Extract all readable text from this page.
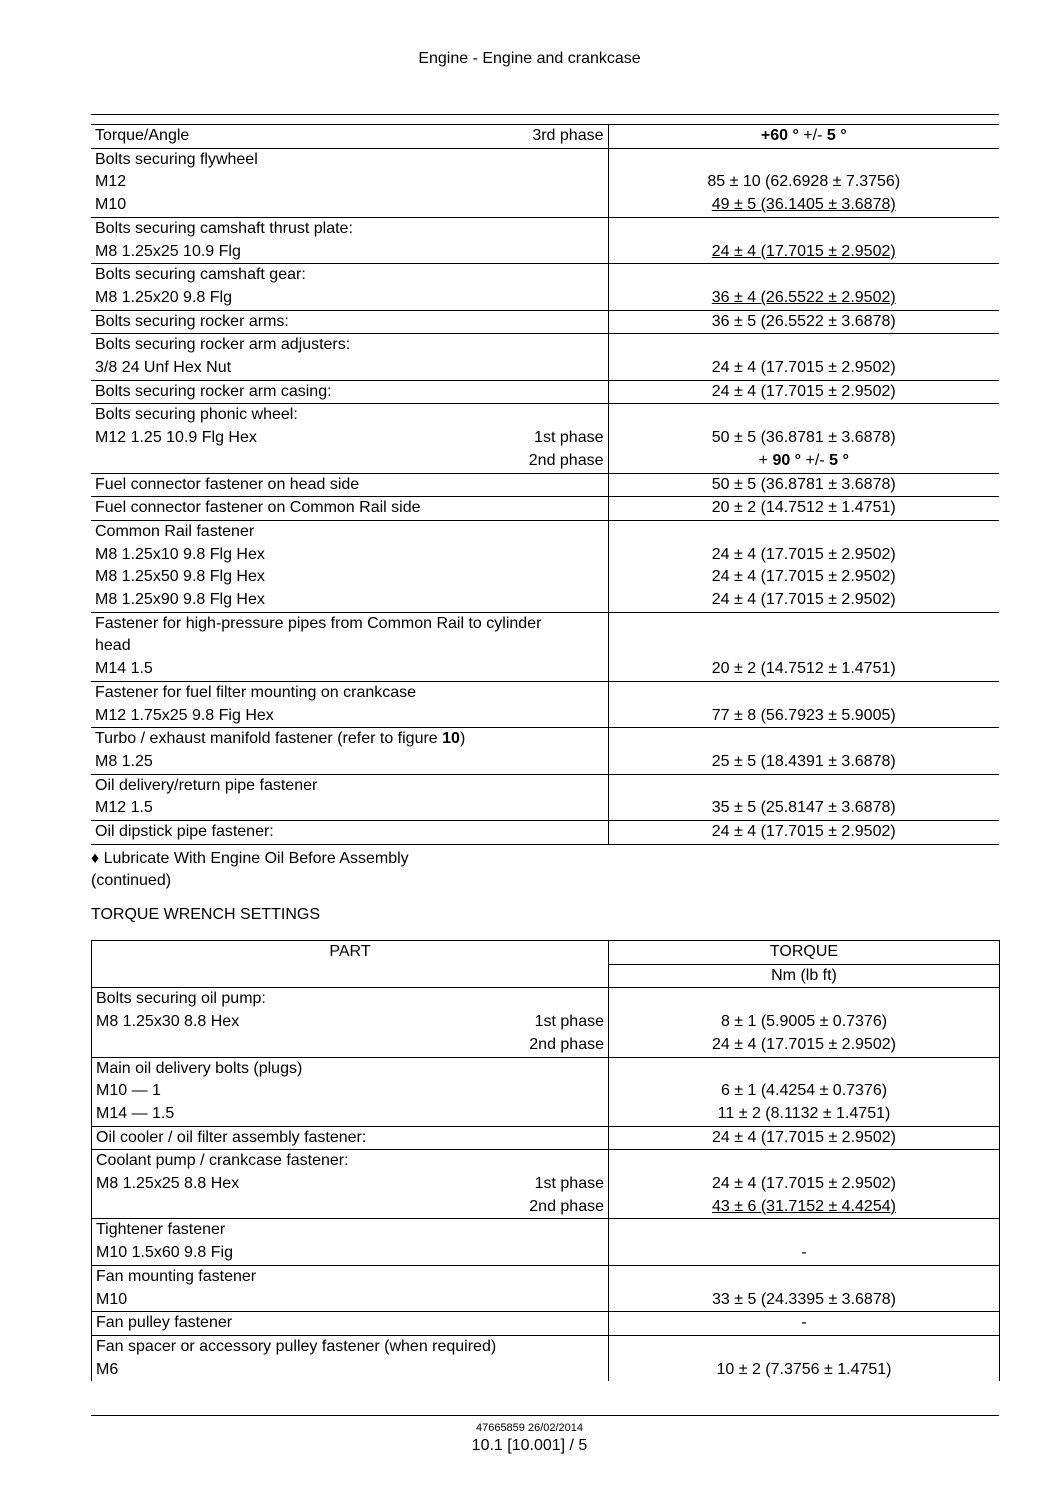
Engine - Engine and crankcase
Torque/Angle 3rd phase	+60 ° +/- 5 °
Bolts securing flywheel	
M12	85 ± 10 (62.6928 ± 7.3756)
M10	49 ± 5 (36.1405 ± 3.6878)
Bolts securing camshaft thrust plate:	
M8 1.25x25 10.9 Flg	24 ± 4 (17.7015 ± 2.9502)
Bolts securing camshaft gear:	
M8 1.25x20 9.8 Flg	36 ± 4 (26.5522 ± 2.9502)
Bolts securing rocker arms:	36 ± 5 (26.5522 ± 3.6878)
Bolts securing rocker arm adjusters:	
3/8 24 Unf Hex Nut	24 ± 4 (17.7015 ± 2.9502)
Bolts securing rocker arm casing:	24 ± 4 (17.7015 ± 2.9502)
Bolts securing phonic wheel:	
M12 1.25 10.9 Flg Hex 1st phase	50 ± 5 (36.8781 ± 3.6878)

2nd phase	+ 90 ° +/- 5 °
Fuel connector fastener on head side	50 ± 5 (36.8781 ± 3.6878)
Fuel connector fastener on Common Rail side	20 ± 2 (14.7512 ± 1.4751)
Common Rail fastener	
M8 1.25x10 9.8 Flg Hex	24 ± 4 (17.7015 ± 2.9502)
M8 1.25x50 9.8 Flg Hex	24 ± 4 (17.7015 ± 2.9502)
M8 1.25x90 9.8 Flg Hex	24 ± 4 (17.7015 ± 2.9502)
Fastener for high-pressure pipes from Common Rail to cylinder	
head	
M14 1.5	20 ± 2 (14.7512 ± 1.4751)
Fastener for fuel filter mounting on crankcase	
M12 1.75x25 9.8 Fig Hex	77 ± 8 (56.7923 ± 5.9005)
Turbo / exhaust manifold fastener (refer to figure 10)	
M8 1.25	25 ± 5 (18.4391 ± 3.6878)
Oil delivery/return pipe fastener	
M12 1.5	35 ± 5 (25.8147 ± 3.6878)
Oil dipstick pipe fastener:	24 ± 4 (17.7015 ± 2.9502)
♦ Lubricate With Engine Oil Before Assembly
(continued)
TORQUE WRENCH SETTINGS
PART	TORQUE
	Nm (lb ft)
Bolts securing oil pump:	
M8 1.25x30 8.8 Hex 1st phase	8 ± 1 (5.9005 ± 0.7376)

2nd phase	24 ± 4 (17.7015 ± 2.9502)
Main oil delivery bolts (plugs)	
M10 — 1	6 ± 1 (4.4254 ± 0.7376)
M14 — 1.5	11 ± 2 (8.1132 ± 1.4751)
Oil cooler / oil filter assembly fastener:	24 ± 4 (17.7015 ± 2.9502)
Coolant pump / crankcase fastener:	
M8 1.25x25 8.8 Hex 1st phase	24 ± 4 (17.7015 ± 2.9502)

2nd phase	43 ± 6 (31.7152 ± 4.4254)
Tightener fastener	
M10 1.5x60 9.8 Fig	-
Fan mounting fastener	
M10	33 ± 5 (24.3395 ± 3.6878)
Fan pulley fastener	-
Fan spacer or accessory pulley fastener (when required)	
M6	10 ± 2 (7.3756 ± 1.4751)
47665859 26/02/2014
10.1 [10.001] / 5
